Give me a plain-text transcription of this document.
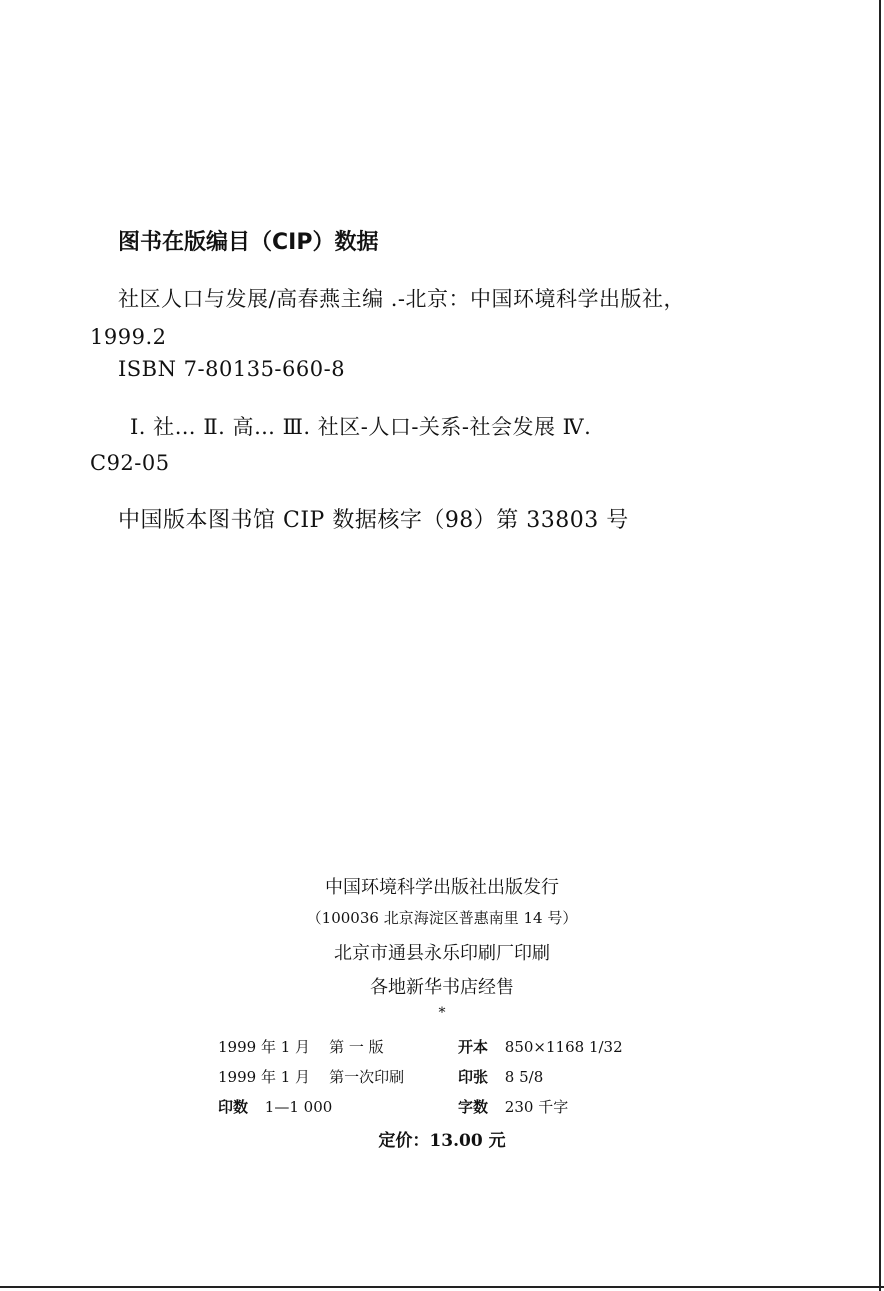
图书在版编目（CIP）数据
社区人口与发展/高春燕主编 .-北京：中国环境科学出版社，
1999.2
ISBN 7-80135-660-8
Ⅰ. 社… Ⅱ. 高… Ⅲ. 社区-人口-关系-社会发展 Ⅳ.
C92-05
中国版本图书馆 CIP 数据核字（98）第 33803 号
中国环境科学出版社出版发行
（100036 北京海淀区普惠南里 14 号）
北京市通县永乐印刷厂印刷
各地新华书店经售
*
1999 年 1 月 第 一 版	开本 850×1168 1/32
1999 年 1 月 第一次印刷	印张 8 5/8
印数 1—1 000	字数 230 千字
定价：13.00 元
